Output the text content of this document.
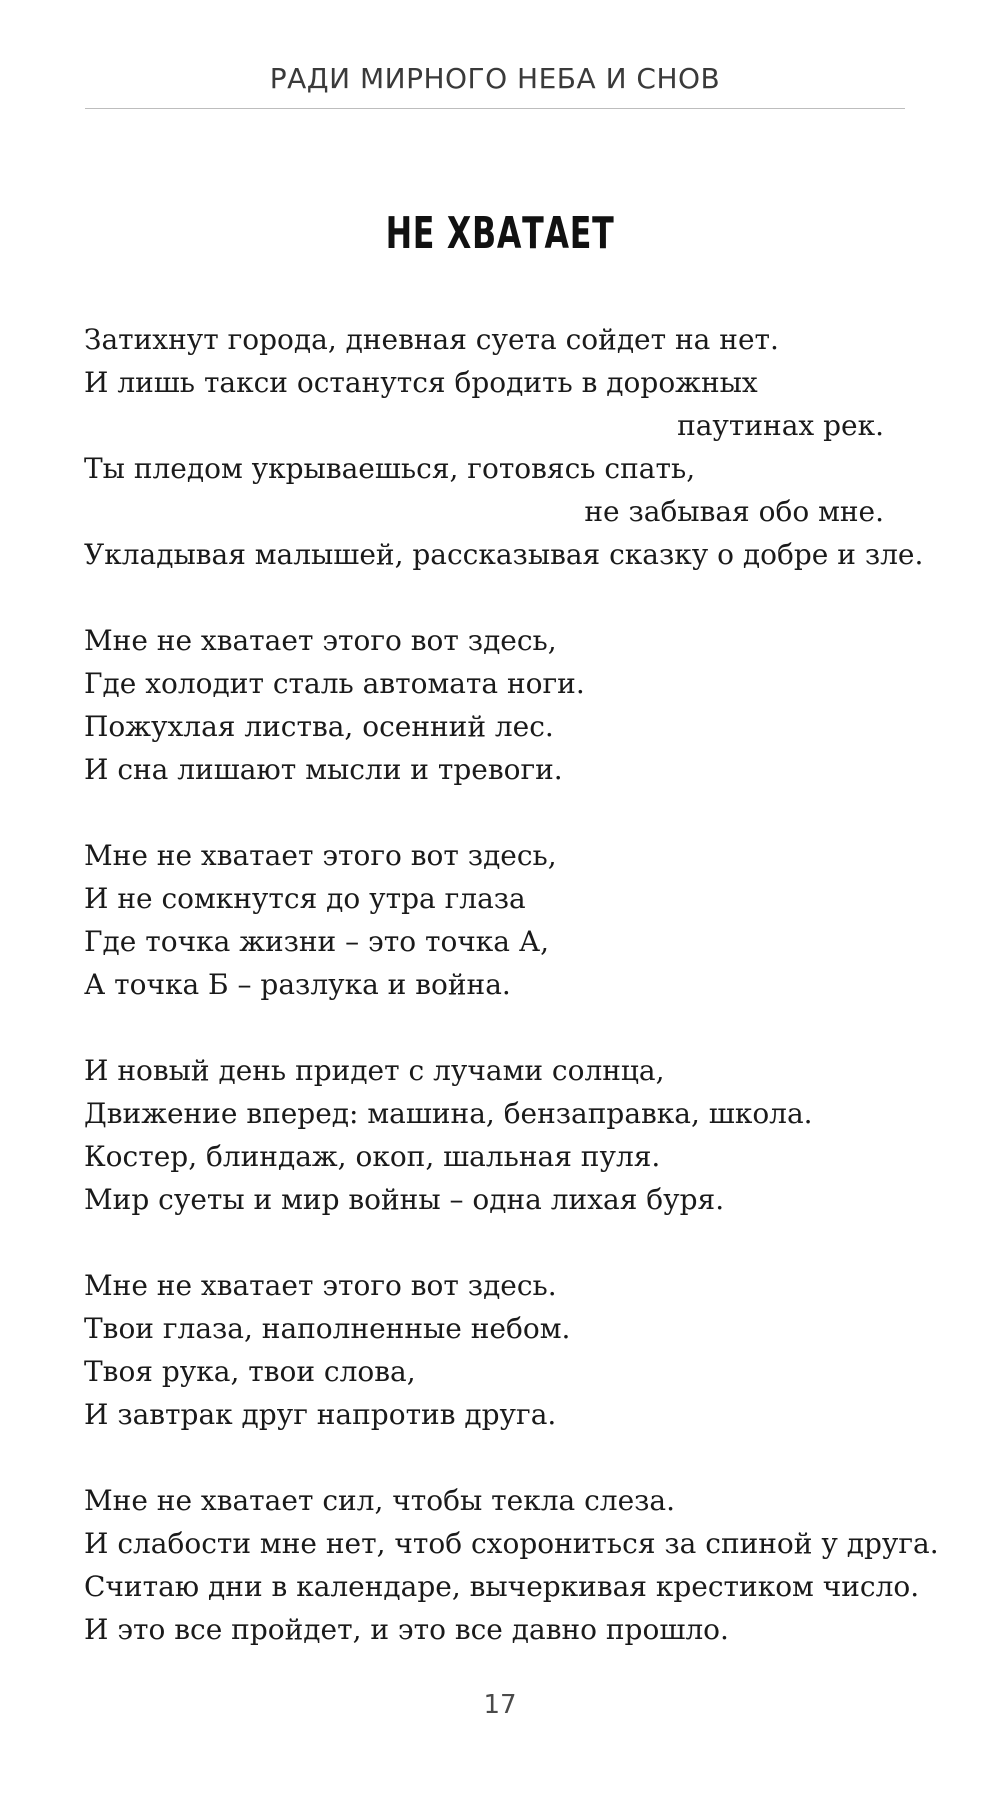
РАДИ МИРНОГО НЕБА И СНОВ
НЕ ХВАТАЕТ
Затихнут города, дневная суета сойдет на нет.
И лишь такси останутся бродить в дорожных
паутинах рек.
Ты пледом укрываешься, готовясь спать,
не забывая обо мне.
Укладывая малышей, рассказывая сказку о добре и зле.
Мне не хватает этого вот здесь,
Где холодит сталь автомата ноги.
Пожухлая листва, осенний лес.
И сна лишают мысли и тревоги.
Мне не хватает этого вот здесь,
И не сомкнутся до утра глаза
Где точка жизни – это точка А,
А точка Б – разлука и война.
И новый день придет с лучами солнца,
Движение вперед: машина, бензаправка, школа.
Костер, блиндаж, окоп, шальная пуля.
Мир суеты и мир войны – одна лихая буря.
Мне не хватает этого вот здесь.
Твои глаза, наполненные небом.
Твоя рука, твои слова,
И завтрак друг напротив друга.
Мне не хватает сил, чтобы текла слеза.
И слабости мне нет, чтоб схорониться за спиной у друга.
Считаю дни в календаре, вычеркивая крестиком число.
И это все пройдет, и это все давно прошло.
17
